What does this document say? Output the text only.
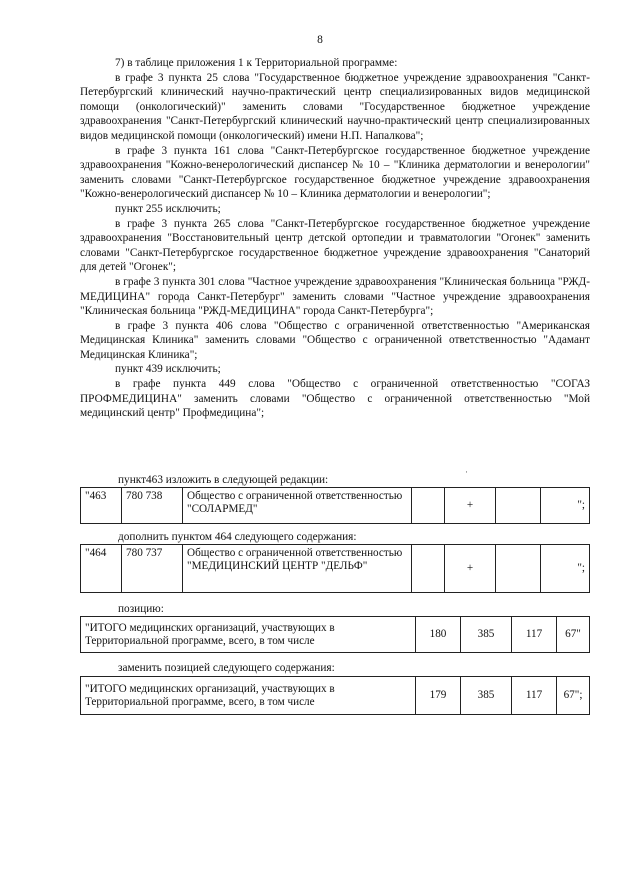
8

7) в таблице приложения 1 к Территориальной программе:

в графе 3 пункта 25 слова "Государственное бюджетное учреждение здравоохранения "Санкт-Петербургский клинический научно-практический центр специализированных видов медицинской помощи (онкологический)" заменить словами "Государственное бюджетное учреждение здравоохранения "Санкт-Петербургский клинический научно-практический центр специализированных видов медицинской помощи (онкологический) имени Н.П. Напалкова";

в графе 3 пункта 161 слова "Санкт-Петербургское государственное бюджетное учреждение здравоохранения "Кожно-венерологический диспансер № 10 – "Клиника дерматологии и венерологии" заменить словами "Санкт-Петербургское государственное бюджетное учреждение здравоохранения "Кожно-венерологический диспансер № 10 – Клиника дерматологии и венерологии";

пункт 255 исключить;

в графе 3 пункта 265 слова "Санкт-Петербургское государственное бюджетное учреждение здравоохранения "Восстановительный центр детской ортопедии и травматологии "Огонек" заменить словами "Санкт-Петербургское государственное бюджетное учреждение здравоохранения "Санаторий для детей "Огонек";

в графе 3 пункта 301 слова "Частное учреждение здравоохранения "Клиническая больница "РЖД-МЕДИЦИНА" города Санкт-Петербург" заменить словами "Частное учреждение здравоохранения "Клиническая больница "РЖД-МЕДИЦИНА" города Санкт-Петербурга";

в графе 3 пункта 406 слова "Общество с ограниченной ответственностью "Американская Медицинская Клиника" заменить словами "Общество с ограниченной ответственностью "Адамант Медицинская Клиника";

пункт 439 исключить;

в графе пункта 449 слова "Общество с ограниченной ответственностью "СОГАЗ ПРОФМЕДИЦИНА" заменить словами "Общество с ограниченной ответственностью "Мой медицинский центр" Профмедицина";

·
пункт463 изложить в следующей редакции:
"463	780 738	Общество с ограниченной ответственностью "СОЛАРМЕД"		+		";
дополнить пунктом 464 следующего содержания:
"464	780 737	Общество с ограниченной ответственностью "МЕДИЦИНСКИЙ ЦЕНТР "ДЕЛЬФ"		+		";
позицию:
"ИТОГО медицинских организаций, участвующих в Территориальной программе, всего, в том числе	180	385	117	67"
заменить позицией следующего содержания:
"ИТОГО медицинских организаций, участвующих в Территориальной программе, всего, в том числе	179	385	117	67";
